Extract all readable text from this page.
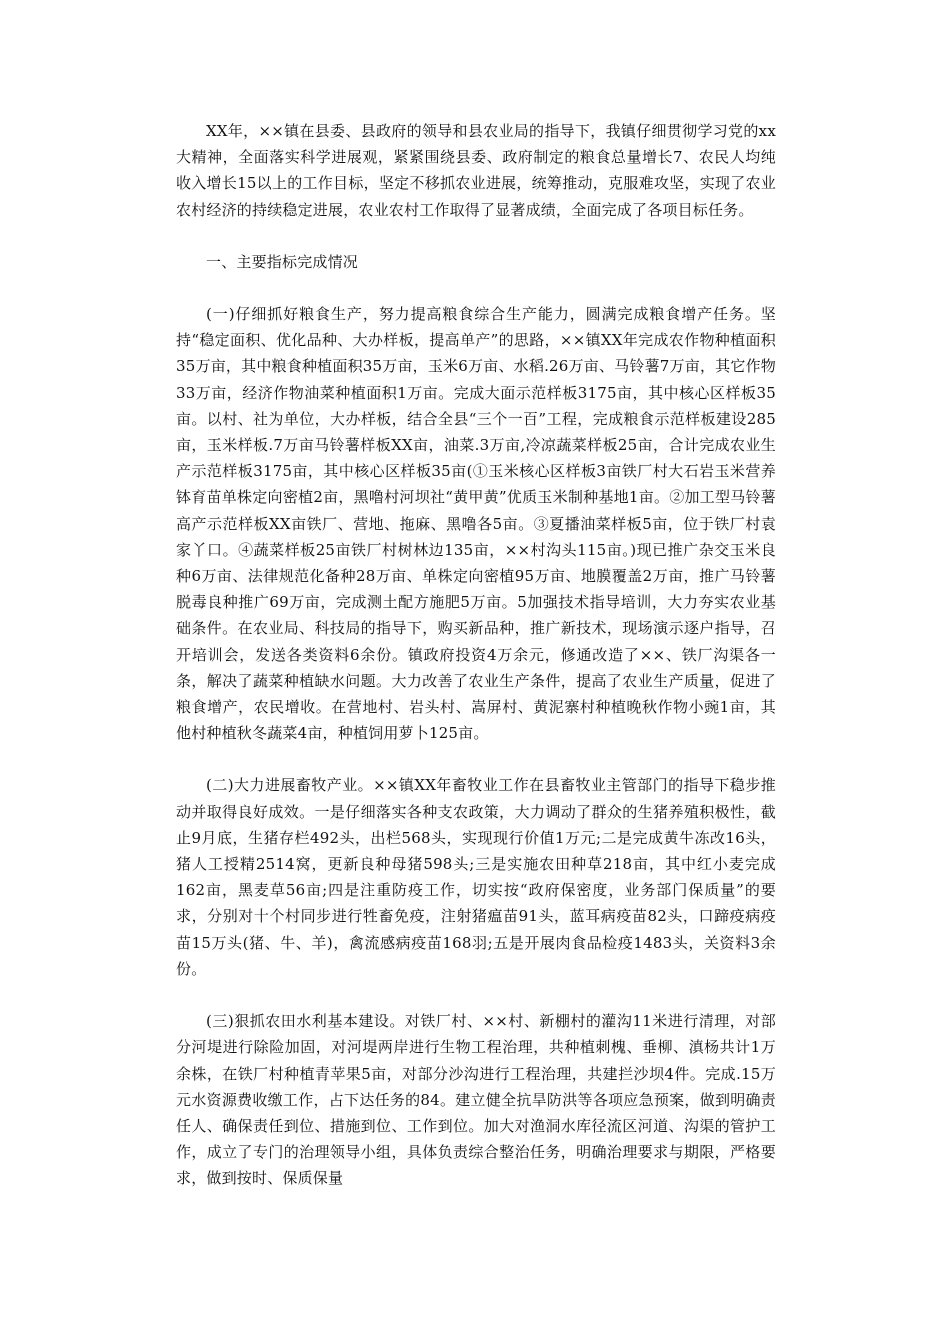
XX年，××镇在县委、县政府的领导和县农业局的指导下，我镇仔细贯彻学习党的xx大精神，全面落实科学进展观，紧紧围绕县委、政府制定的粮食总量增长7、农民人均纯收入增长15以上的工作目标，坚定不移抓农业进展，统筹推动，克服难攻坚，实现了农业农村经济的持续稳定进展，农业农村工作取得了显著成绩，全面完成了各项目标任务。

一、主要指标完成情况

(一)仔细抓好粮食生产，努力提高粮食综合生产能力，圆满完成粮食增产任务。坚持“稳定面积、优化品种、大办样板，提高单产”的思路，××镇XX年完成农作物种植面积35万亩，其中粮食种植面积35万亩，玉米6万亩、水稻.26万亩、马铃薯7万亩，其它作物33万亩，经济作物油菜种植面积1万亩。完成大面示范样板3175亩，其中核心区样板35亩。以村、社为单位，大办样板，结合全县“三个一百”工程，完成粮食示范样板建设285亩，玉米样板.7万亩马铃薯样板XX亩，油菜.3万亩,冷凉蔬菜样板25亩，合计完成农业生产示范样板3175亩，其中核心区样板35亩(①玉米核心区样板3亩铁厂村大石岩玉米营养钵育苗单株定向密植2亩，黑噜村河坝社“黄甲黄”优质玉米制种基地1亩。②加工型马铃薯高产示范样板XX亩铁厂、营地、拖麻、黑噜各5亩。③夏播油菜样板5亩，位于铁厂村袁家丫口。④蔬菜样板25亩铁厂村树林边135亩，××村沟头115亩。)现已推广杂交玉米良种6万亩、法律规范化备种28万亩、单株定向密植95万亩、地膜覆盖2万亩，推广马铃薯脱毒良种推广69万亩，完成测土配方施肥5万亩。5加强技术指导培训，大力夯实农业基础条件。在农业局、科技局的指导下，购买新品种，推广新技术，现场演示逐户指导，召开培训会，发送各类资料6余份。镇政府投资4万余元，修通改造了××、铁厂沟渠各一条，解决了蔬菜种植缺水问题。大力改善了农业生产条件，提高了农业生产质量，促进了粮食增产，农民增收。在营地村、岩头村、嵩屏村、黄泥寨村种植晚秋作物小豌1亩，其他村种植秋冬蔬菜4亩，种植饲用萝卜125亩。

(二)大力进展畜牧产业。××镇XX年畜牧业工作在县畜牧业主管部门的指导下稳步推动并取得良好成效。一是仔细落实各种支农政策，大力调动了群众的生猪养殖积极性，截止9月底，生猪存栏492头，出栏568头，实现现行价值1万元;二是完成黄牛冻改16头，猪人工授精2514窝，更新良种母猪598头;三是实施农田种草218亩，其中红小麦完成162亩，黑麦草56亩;四是注重防疫工作，切实按“政府保密度，业务部门保质量”的要求，分别对十个村同步进行牲畜免疫，注射猪瘟苗91头，蓝耳病疫苗82头，口蹄疫病疫苗15万头(猪、牛、羊)，禽流感病疫苗168羽;五是开展肉食品检疫1483头，关资料3余份。

(三)狠抓农田水利基本建设。对铁厂村、××村、新棚村的灌沟11米进行清理，对部分河堤进行除险加固，对河堤两岸进行生物工程治理，共种植刺槐、垂柳、滇杨共计1万余株，在铁厂村种植青苹果5亩，对部分沙沟进行工程治理，共建拦沙坝4件。完成.15万元水资源费收缴工作，占下达任务的84。建立健全抗旱防洪等各项应急预案，做到明确责任人、确保责任到位、措施到位、工作到位。加大对渔洞水库径流区河道、沟渠的管护工作，成立了专门的治理领导小组，具体负责综合整治任务，明确治理要求与期限，严格要求，做到按时、保质保量
